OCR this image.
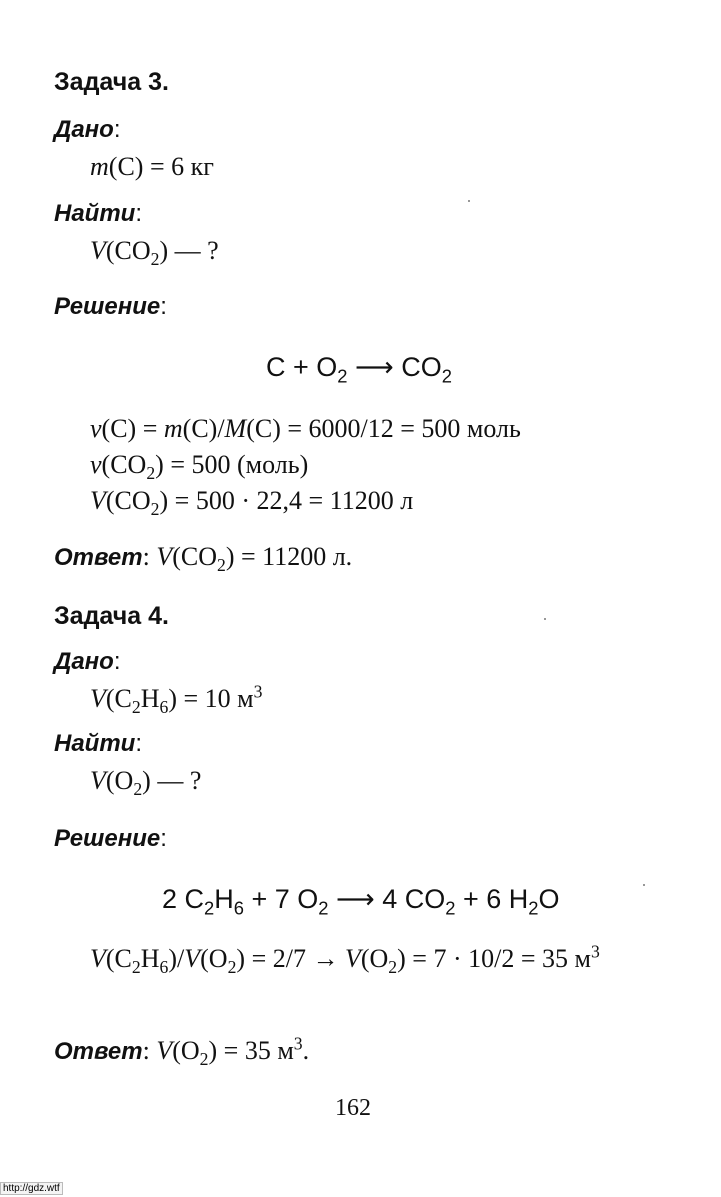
Задача 3.
Дано:
m(C) = 6 кг
Найти:
$V(CO_2)$ — ?
Решение:
$C + O_2$ ⟶ $CO_2$
ν(C) = m(C)/M(C) = 6000/12 = 500 моль
$\nu(CO_2) = 500$ (моль)
$V(CO_2) = 500 \cdot 22,4 = 11200$ л
Ответ: $V(CO_2) = 11200$ л.
Задача 4.
Дано:
$V(C_2H_6) = 10$ $м^3$
Найти:
$V(O_2)$ — ?
Решение:
2 $C_2H_6 + 7$ $O_2$ ⟶ 4 $CO_2 + 6$ $H_2O$
$V(C_2H_6)/V(O_2) = 2/7 \to V(O_2) = 7 \cdot 10/2 = 35$ $м^3$
Ответ: $V(O_2) = 35$ $м^3$.
162
http://gdz.wtf
